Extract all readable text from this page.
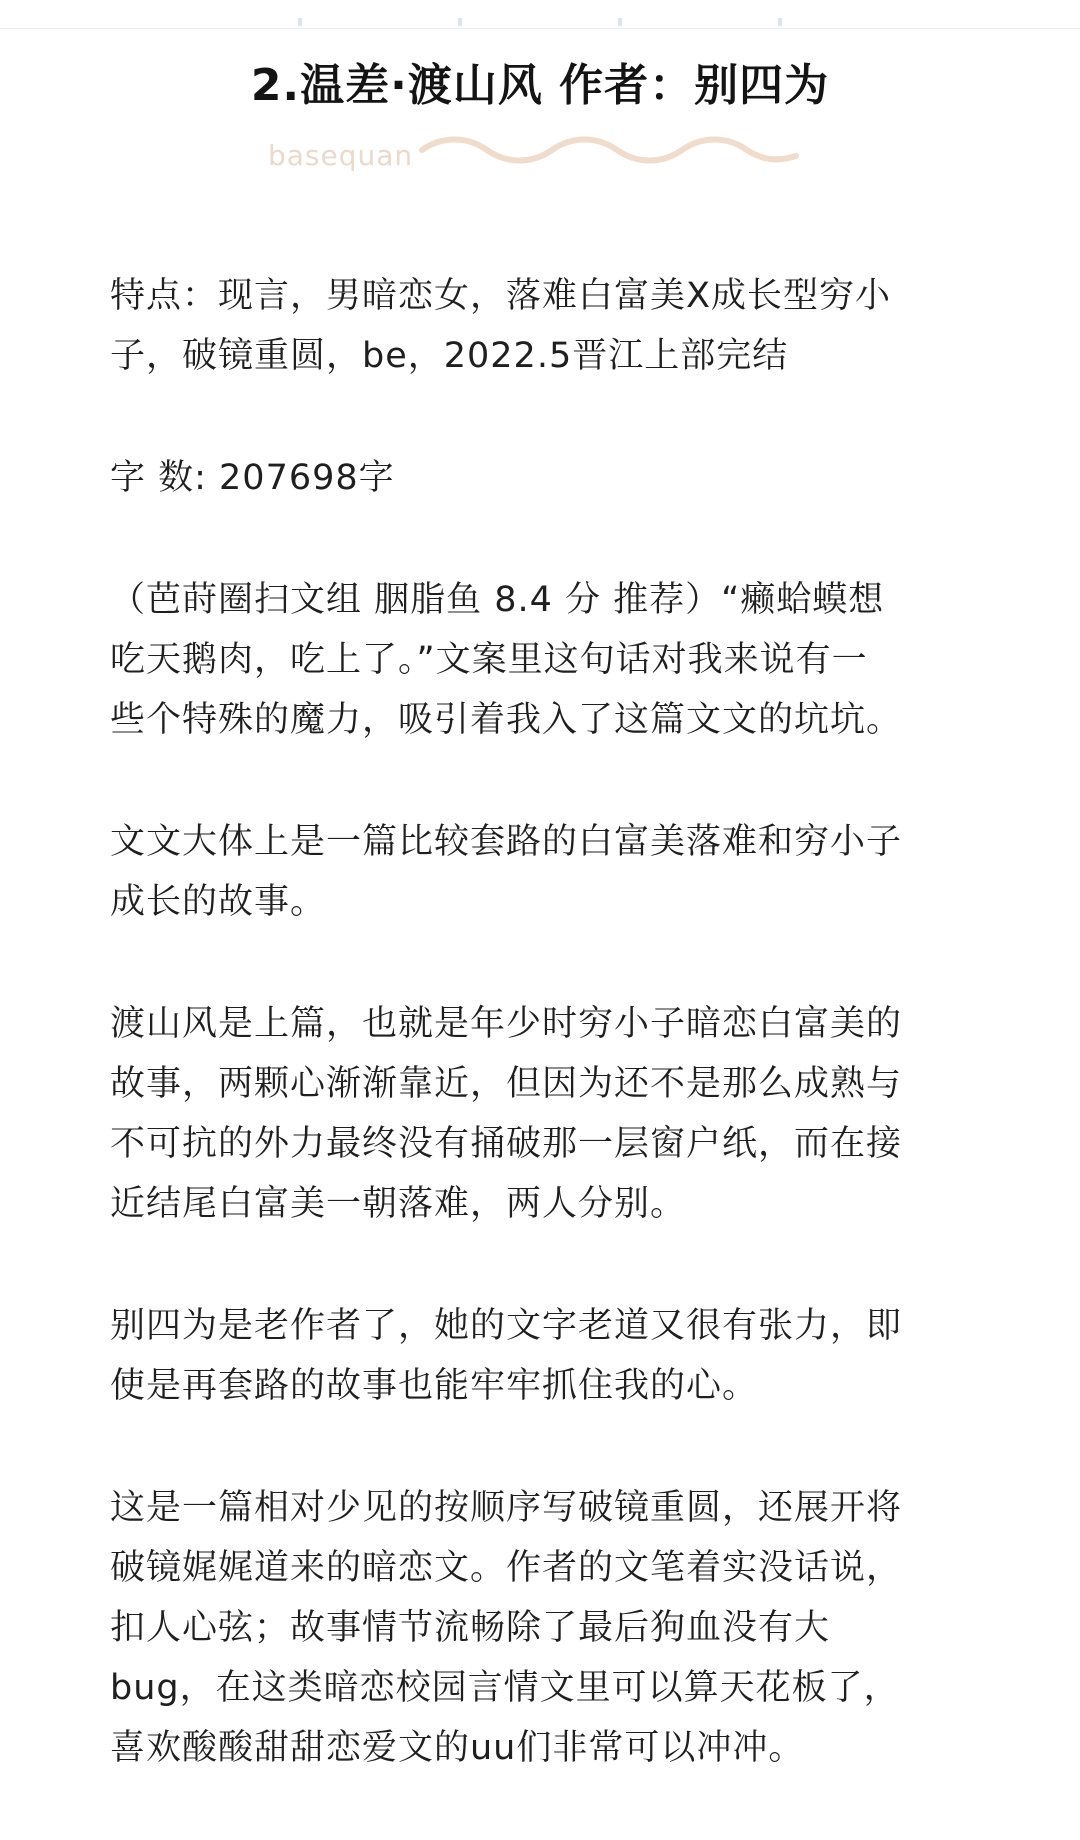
2.温差·渡山风 作者：别四为
basequan

特点：现言，男暗恋女，落难白富美X成长型穷小
子，破镜重圆，be，2022.5晋江上部完结

字 数: 207698字

（芭莳圈扫文组 胭脂鱼 8.4 分 推荐）“癞蛤蟆想
吃天鹅肉，吃上了。”文案里这句话对我来说有一
些个特殊的魔力，吸引着我入了这篇文文的坑坑。

文文大体上是一篇比较套路的白富美落难和穷小子
成长的故事。

渡山风是上篇，也就是年少时穷小子暗恋白富美的
故事，两颗心渐渐靠近，但因为还不是那么成熟与
不可抗的外力最终没有捅破那一层窗户纸，而在接
近结尾白富美一朝落难，两人分别。

别四为是老作者了，她的文字老道又很有张力，即
使是再套路的故事也能牢牢抓住我的心。

这是一篇相对少见的按顺序写破镜重圆，还展开将
破镜娓娓道来的暗恋文。作者的文笔着实没话说，
扣人心弦；故事情节流畅除了最后狗血没有大
bug，在这类暗恋校园言情文里可以算天花板了，
喜欢酸酸甜甜恋爱文的uu们非常可以冲冲。
